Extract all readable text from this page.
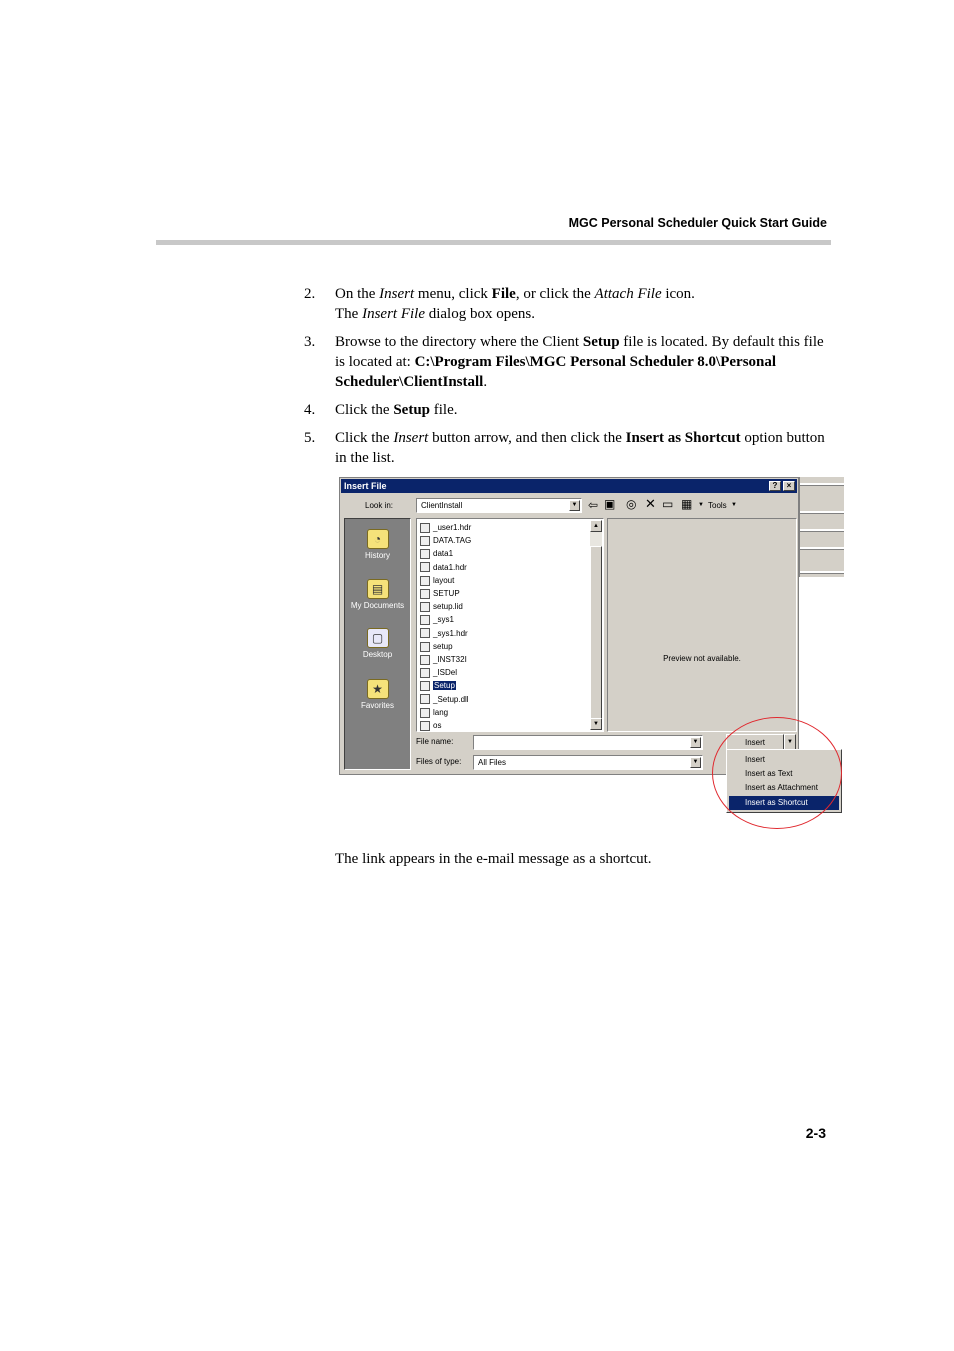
MGC Personal Scheduler Quick Start Guide
2. On the Insert menu, click File, or click the Attach File icon.
The Insert File dialog box opens.

3. Browse to the directory where the Client Setup file is located. By default this file is located at: C:\Program Files\MGC Personal Scheduler 8.0\Personal Scheduler\ClientInstall.

4. Click the Setup file.

5. Click the Insert button arrow, and then click the Insert as Shortcut option button in the list.

Insert File	?	×
Look in:	ClientInstall	▼ ⇦ ▣ ◎ ✕ ▭ ▦ ▼ Tools ▼
◔
History
▤
My Documents
▢
Desktop
★
Favorites
▲
▼
_user1.hdr
DATA.TAG
data1
data1.hdr
layout
SETUP
setup.lid
_sys1
_sys1.hdr
setup
_INST32I
_ISDel
Setup
_Setup.dll
lang
os
Preview not available.
File name:	▼
Files of type: All Files	▼
Insert	▼
Insert
Insert as Text
Insert as Attachment
Insert as Shortcut
The link appears in the e-mail message as a shortcut.
2-3
